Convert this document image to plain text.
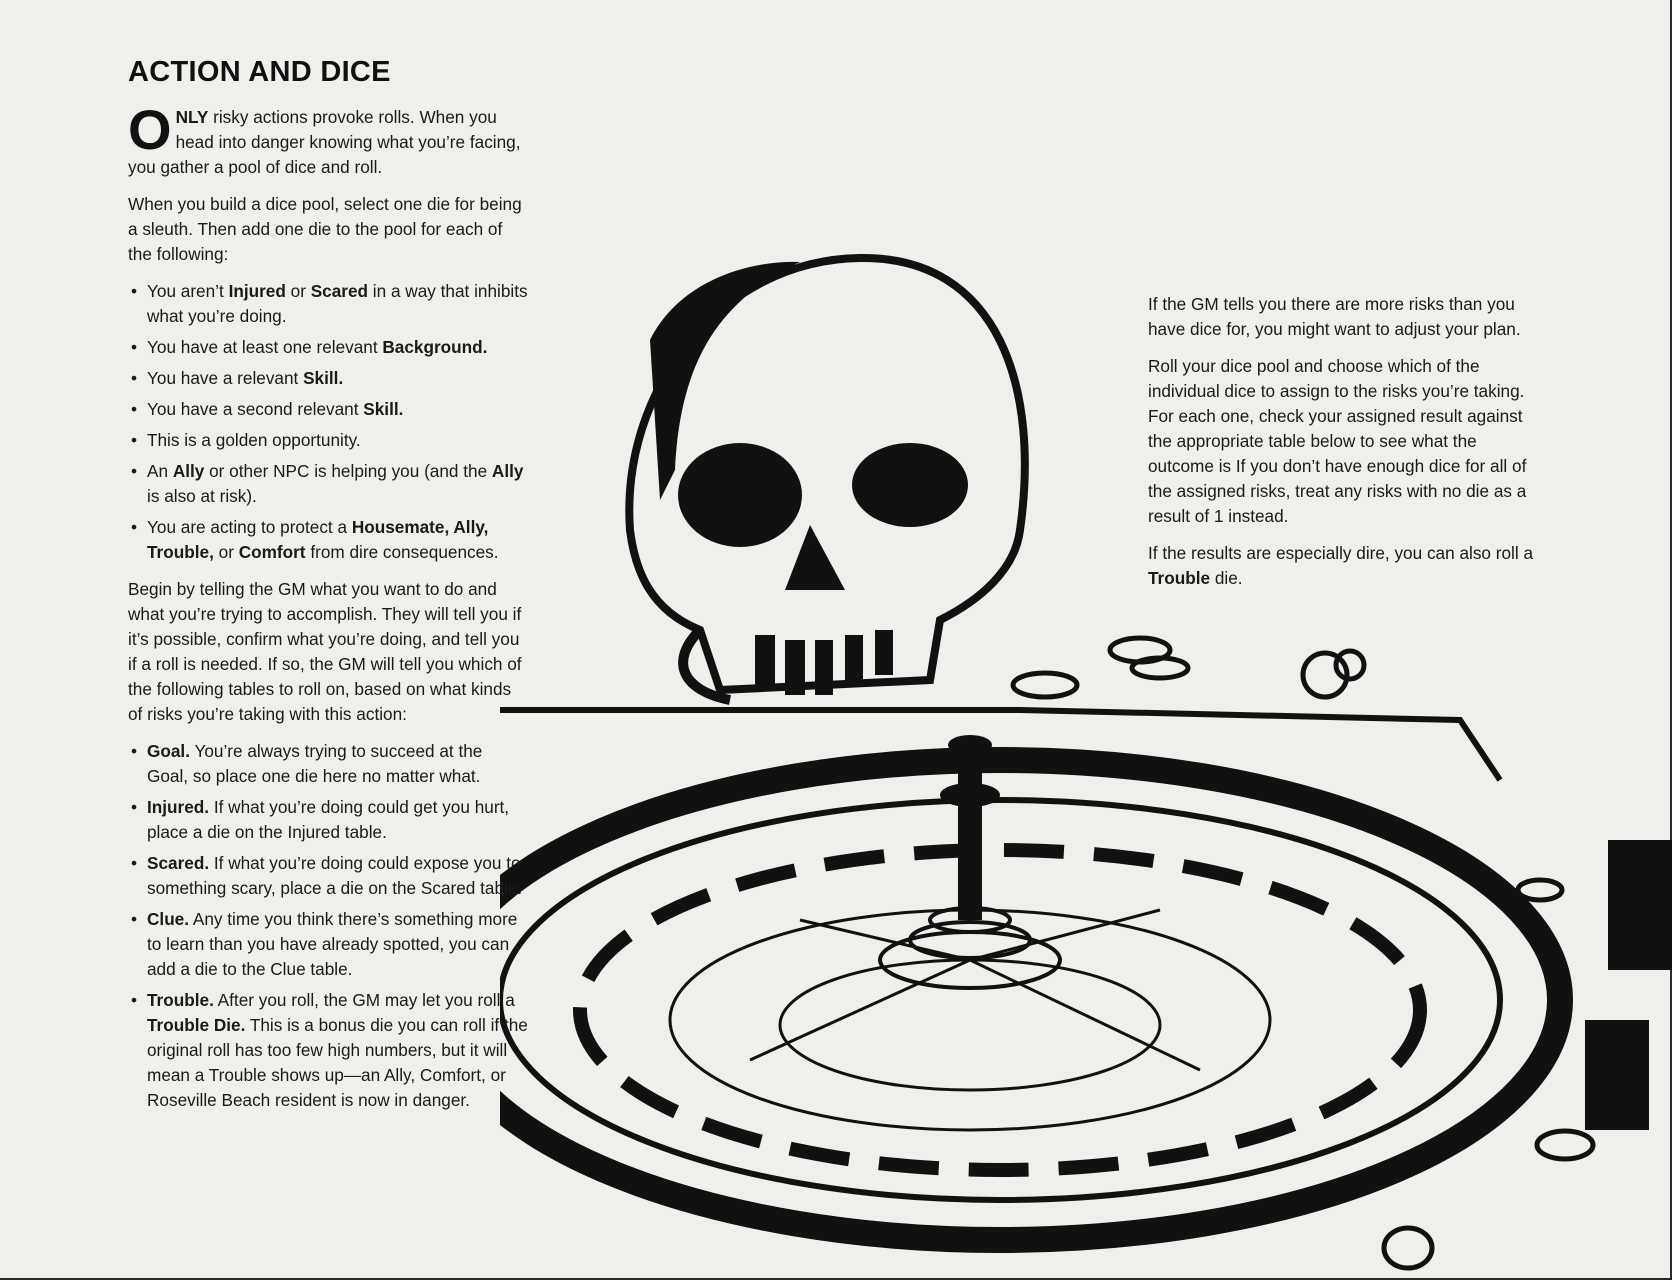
ACTION AND DICE

ONLY risky actions provoke rolls. When you head into danger knowing what you’re facing, you gather a pool of dice and roll.

When you build a dice pool, select one die for being a sleuth. Then add one die to the pool for each of the following:

• You aren’t Injured or Scared in a way that inhibits what you’re doing.
• You have at least one relevant Background.
• You have a relevant Skill.
• You have a second relevant Skill.
• This is a golden opportunity.
• An Ally or other NPC is helping you (and the Ally is also at risk).
• You are acting to protect a Housemate, Ally, Trouble, or Comfort from dire consequences.

Begin by telling the GM what you want to do and what you’re trying to accomplish. They will tell you if it’s possible, confirm what you’re doing, and tell you if a roll is needed. If so, the GM will tell you which of the following tables to roll on, based on what kinds of risks you’re taking with this action:

• Goal. You’re always trying to succeed at the Goal, so place one die here no matter what.
• Injured. If what you’re doing could get you hurt, place a die on the Injured table.
• Scared. If what you’re doing could expose you to something scary, place a die on the Scared table.
• Clue. Any time you think there’s something more to learn than you have already spotted, you can add a die to the Clue table.
• Trouble. After you roll, the GM may let you roll a Trouble Die. This is a bonus die you can roll if the original roll has too few high numbers, but it will mean a Trouble shows up—an Ally, Comfort, or Roseville Beach resident is now in danger.

If the GM tells you there are more risks than you have dice for, you might want to adjust your plan.

Roll your dice pool and choose which of the individual dice to assign to the risks you’re taking. For each one, check your assigned result against the appropriate table below to see what the outcome is If you don’t have enough dice for all of the assigned risks, treat any risks with no die as a result of 1 instead.

If the results are especially dire, you can also roll a Trouble die.
